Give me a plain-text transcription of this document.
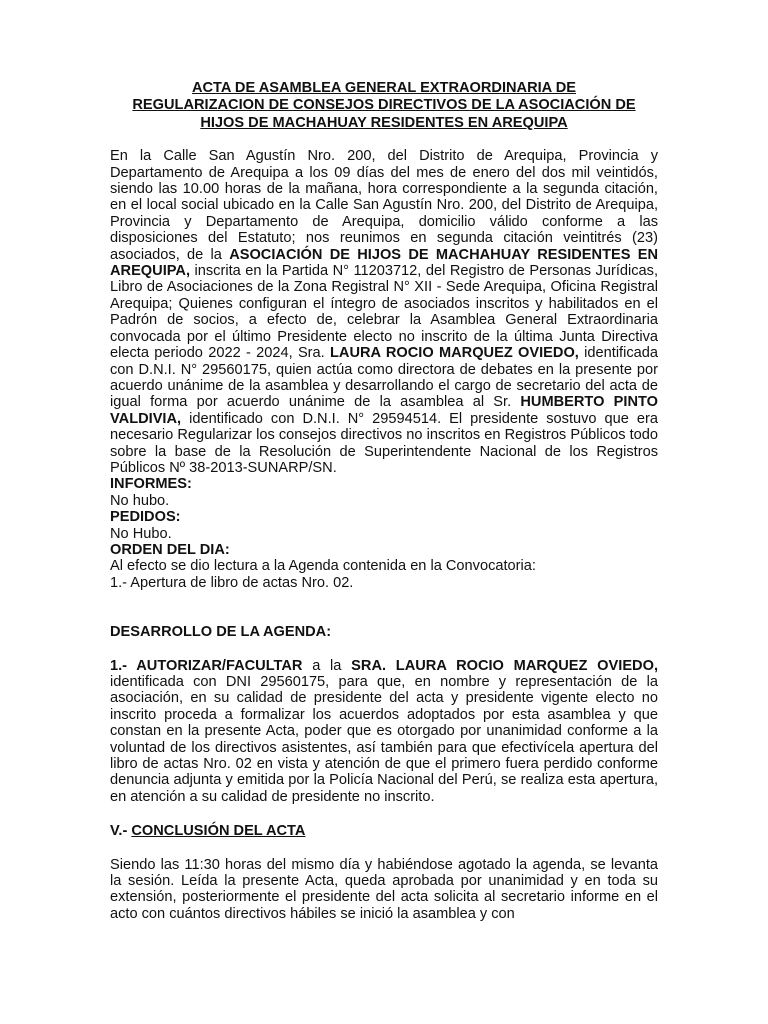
ACTA DE ASAMBLEA GENERAL EXTRAORDINARIA DE
REGULARIZACION DE CONSEJOS DIRECTIVOS DE LA ASOCIACIÓN DE
HIJOS DE MACHAHUAY RESIDENTES EN AREQUIPA

En la Calle San Agustín Nro. 200, del Distrito de Arequipa, Provincia y Departamento de Arequipa a los 09 días del mes de enero del dos mil veintidós, siendo las 10.00 horas de la mañana, hora correspondiente a la segunda citación, en el local social ubicado en la Calle San Agustín Nro. 200, del Distrito de Arequipa, Provincia y Departamento de Arequipa, domicilio válido conforme a las disposiciones del Estatuto; nos reunimos en segunda citación veintitrés (23) asociados, de la ASOCIACIÓN DE HIJOS DE MACHAHUAY RESIDENTES EN AREQUIPA, inscrita en la Partida N° 11203712, del Registro de Personas Jurídicas, Libro de Asociaciones de la Zona Registral N° XII - Sede Arequipa, Oficina Registral Arequipa; Quienes configuran el íntegro de asociados inscritos y habilitados en el Padrón de socios, a efecto de, celebrar la Asamblea General Extraordinaria convocada por el último Presidente electo no inscrito de la última Junta Directiva electa periodo 2022 - 2024, Sra. LAURA ROCIO MARQUEZ OVIEDO, identificada con D.N.I. N° 29560175, quien actúa como directora de debates en la presente por acuerdo unánime de la asamblea y desarrollando el cargo de secretario del acta de igual forma por acuerdo unánime de la asamblea al Sr. HUMBERTO PINTO VALDIVIA, identificado con D.N.I. N° 29594514. El presidente sostuvo que era necesario Regularizar los consejos directivos no inscritos en Registros Públicos todo sobre la base de la Resolución de Superintendente Nacional de los Registros Públicos Nº 38-2013-SUNARP/SN.

INFORMES:
No hubo.
PEDIDOS:
No Hubo.
ORDEN DEL DIA:
Al efecto se dio lectura a la Agenda contenida en la Convocatoria:
1.- Apertura de libro de actas Nro. 02.
DESARROLLO DE LA AGENDA:

1.- AUTORIZAR/FACULTAR a la SRA. LAURA ROCIO MARQUEZ OVIEDO, identificada con DNI 29560175, para que, en nombre y representación de la asociación, en su calidad de presidente del acta y presidente vigente electo no inscrito proceda a formalizar los acuerdos adoptados por esta asamblea y que constan en la presente Acta, poder que es otorgado por unanimidad conforme a la voluntad de los directivos asistentes, así también para que efectivícela apertura del libro de actas Nro. 02 en vista y atención de que el primero fuera perdido conforme denuncia adjunta y emitida por la Policía Nacional del Perú, se realiza esta apertura, en atención a su calidad de presidente no inscrito.

V.- CONCLUSIÓN DEL ACTA

Siendo las 11:30 horas del mismo día y habiéndose agotado la agenda, se levanta la sesión. Leída la presente Acta, queda aprobada por unanimidad y en toda su extensión, posteriormente el presidente del acta solicita al secretario informe en el acto con cuántos directivos hábiles se inició la asamblea y con
